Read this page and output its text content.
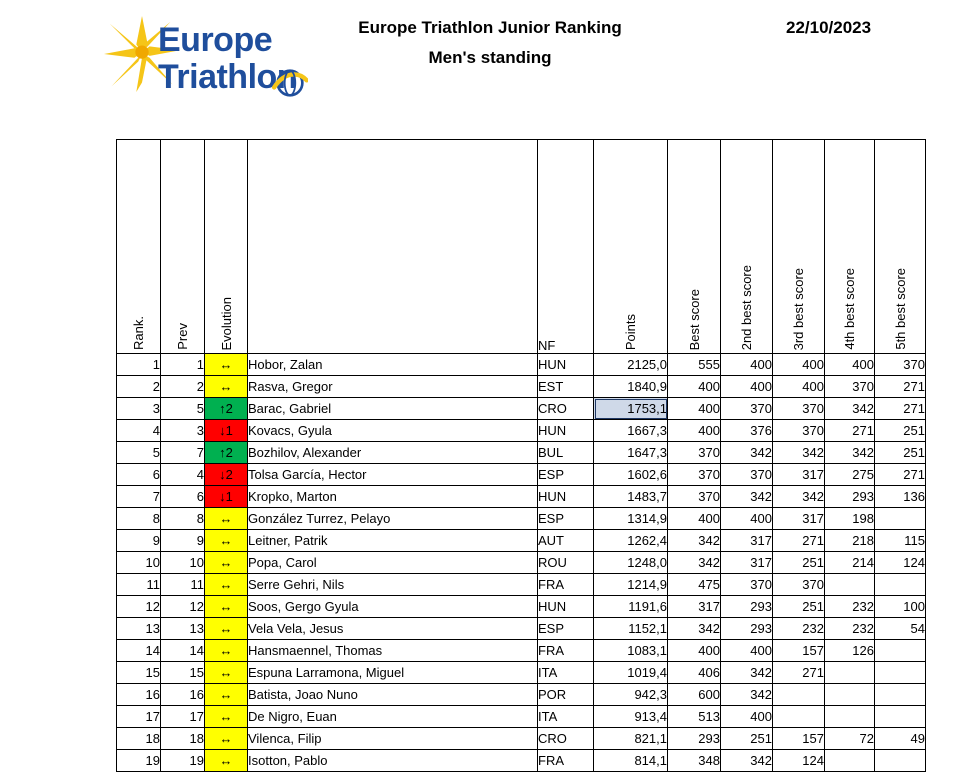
Europe
Triathlon
Europe Triathlon Junior Ranking
Men's standing
22/10/2023
Rank.	Prev	Evolution		NF	Points	Best score	2nd best score	3rd best score	4th best score	5th best score

1	1	↔	Hobor, Zalan	HUN	2125,0	555	400	400	400	370
2	2	↔	Rasva, Gregor	EST	1840,9	400	400	400	370	271
3	5	↑2	Barac, Gabriel	CRO	1753,1	400	370	370	342	271
4	3	↓1	Kovacs, Gyula	HUN	1667,3	400	376	370	271	251
5	7	↑2	Bozhilov, Alexander	BUL	1647,3	370	342	342	342	251
6	4	↓2	Tolsa García, Hector	ESP	1602,6	370	370	317	275	271
7	6	↓1	Kropko, Marton	HUN	1483,7	370	342	342	293	136
8	8	↔	González Turrez, Pelayo	ESP	1314,9	400	400	317	198	
9	9	↔	Leitner, Patrik	AUT	1262,4	342	317	271	218	115
10	10	↔	Popa, Carol	ROU	1248,0	342	317	251	214	124
11	11	↔	Serre Gehri, Nils	FRA	1214,9	475	370	370		
12	12	↔	Soos, Gergo Gyula	HUN	1191,6	317	293	251	232	100
13	13	↔	Vela Vela, Jesus	ESP	1152,1	342	293	232	232	54
14	14	↔	Hansmaennel, Thomas	FRA	1083,1	400	400	157	126	
15	15	↔	Espuna Larramona, Miguel	ITA	1019,4	406	342	271		
16	16	↔	Batista, Joao Nuno	POR	942,3	600	342			
17	17	↔	De Nigro, Euan	ITA	913,4	513	400			
18	18	↔	Vilenca, Filip	CRO	821,1	293	251	157	72	49
19	19	↔	Isotton, Pablo	FRA	814,1	348	342	124		
